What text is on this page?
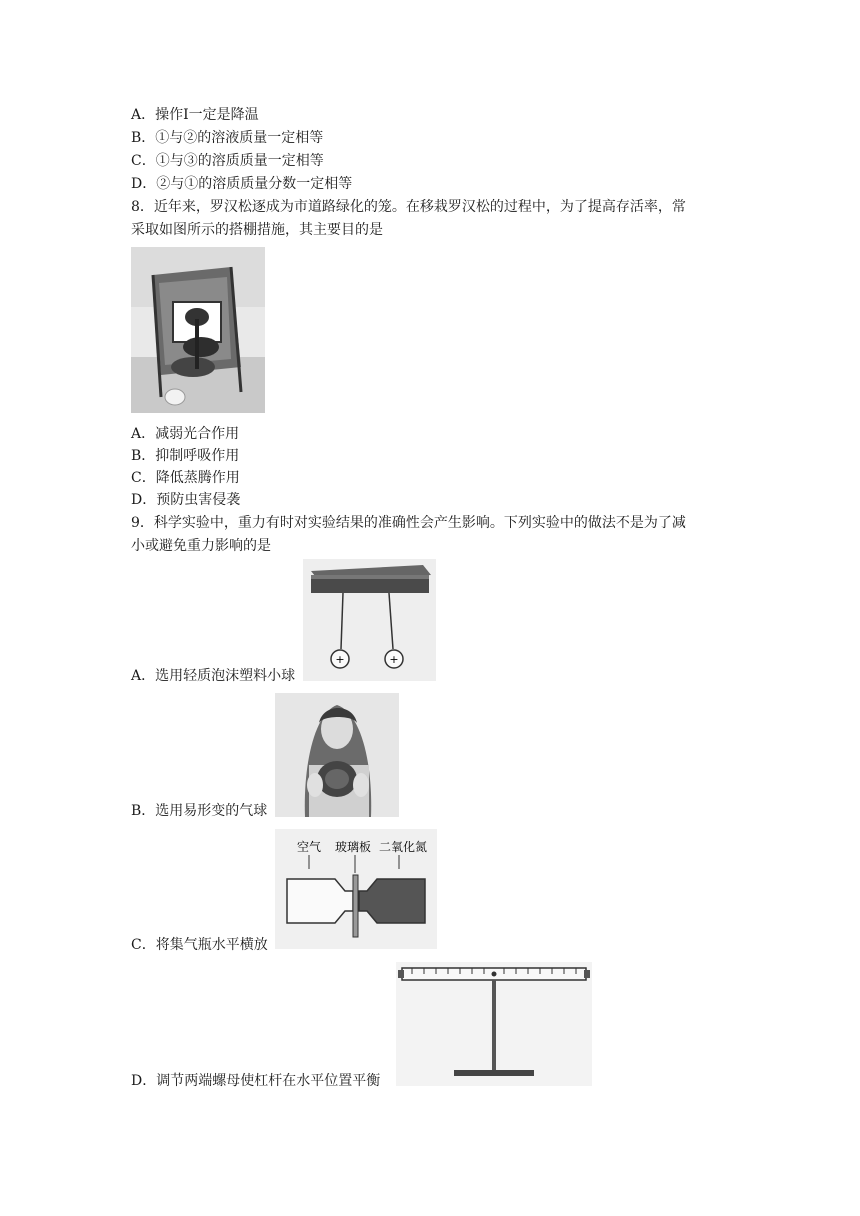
A．操作Ⅰ一定是降温
B．①与②的溶液质量一定相等
C．①与③的溶质质量一定相等
D．②与①的溶质质量分数一定相等
8．近年来，罗汉松逐成为市道路绿化的笼。在移栽罗汉松的过程中，为了提高存活率，常
采取如图所示的搭棚措施，其主要目的是
A．减弱光合作用
B．抑制呼吸作用
C．降低蒸腾作用
D．预防虫害侵袭
9．科学实验中，重力有时对实验结果的准确性会产生影响。下列实验中的做法不是为了减
小或避免重力影响的是
+	+
A．选用轻质泡沫塑料小球
B．选用易形变的气球
空气 玻璃板 二氧化氮
C．将集气瓶水平横放
D．调节两端螺母使杠杆在水平位置平衡
